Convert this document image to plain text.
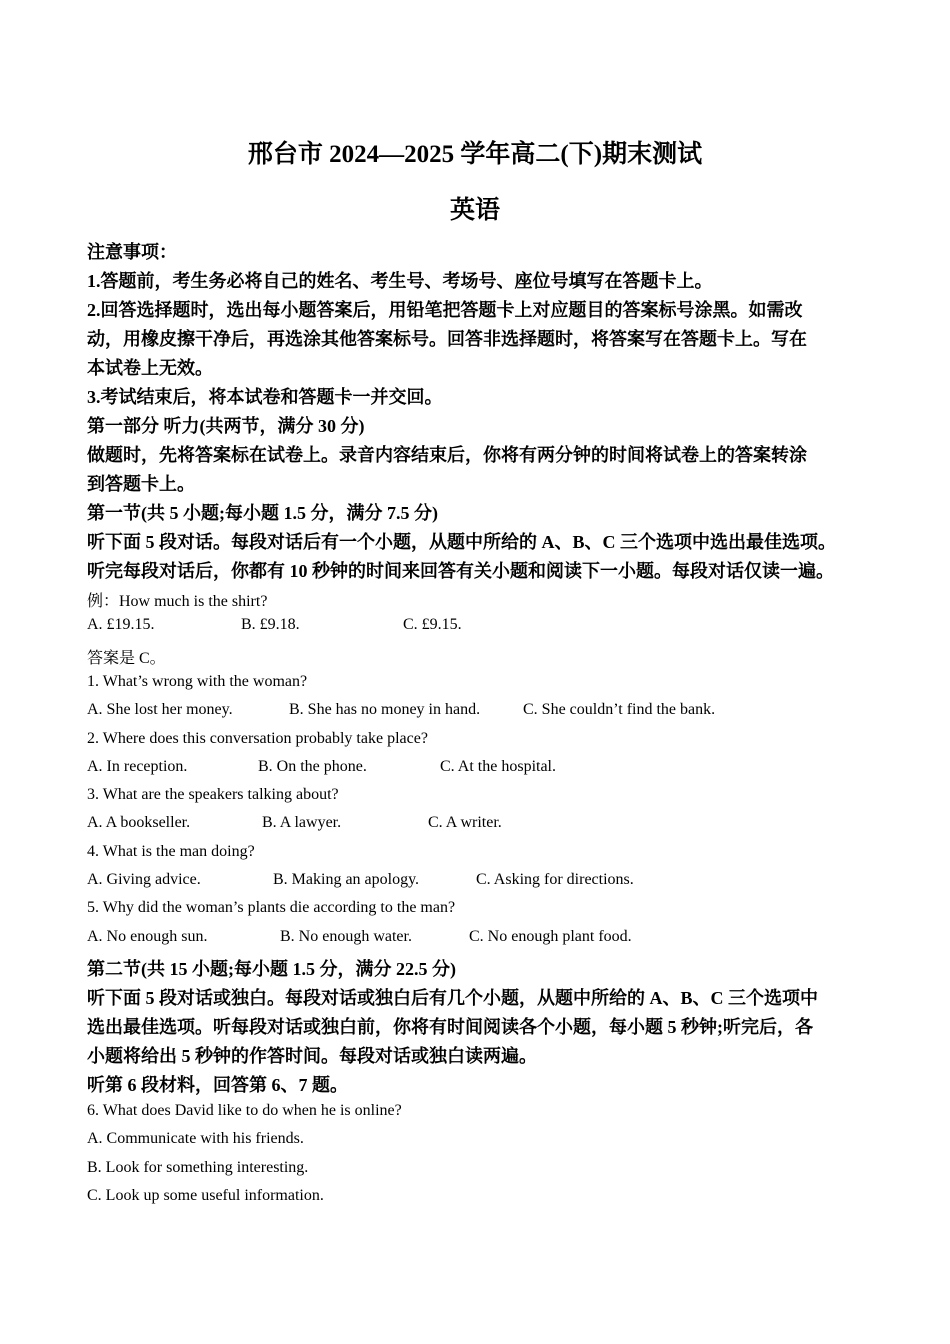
邢台市 2024—2025 学年高二(下)期末测试
英语
注意事项：
1.答题前，考生务必将自己的姓名、考生号、考场号、座位号填写在答题卡上。
2.回答选择题时，选出每小题答案后，用铅笔把答题卡上对应题目的答案标号涂黑。如需改
动，用橡皮擦干净后，再选涂其他答案标号。回答非选择题时，将答案写在答题卡上。写在
本试卷上无效。
3.考试结束后，将本试卷和答题卡一并交回。
第一部分 听力(共两节，满分 30 分)
做题时，先将答案标在试卷上。录音内容结束后，你将有两分钟的时间将试卷上的答案转涂
到答题卡上。
第一节(共 5 小题;每小题 1.5 分，满分 7.5 分)
听下面 5 段对话。每段对话后有一个小题，从题中所给的 A、B、C 三个选项中选出最佳选项。
听完每段对话后，你都有 10 秒钟的时间来回答有关小题和阅读下一小题。每段对话仅读一遍。
例：How much is the shirt?
A. £19.15.	B. £9.18.	C. £9.15.
答案是 C。
1. What’s wrong with the woman?
A. She lost her money.	B. She has no money in hand.	C. She couldn’t find the bank.
2. Where does this conversation probably take place?
A. In reception.	B. On the phone.	C. At the hospital.
3. What are the speakers talking about?
A. A bookseller.	B. A lawyer.	C. A writer.
4. What is the man doing?
A. Giving advice.	B. Making an apology.	C. Asking for directions.
5. Why did the woman’s plants die according to the man?
A. No enough sun.	B. No enough water.	C. No enough plant food.
第二节(共 15 小题;每小题 1.5 分，满分 22.5 分)
听下面 5 段对话或独白。每段对话或独白后有几个小题，从题中所给的 A、B、C 三个选项中
选出最佳选项。听每段对话或独白前，你将有时间阅读各个小题，每小题 5 秒钟;听完后，各
小题将给出 5 秒钟的作答时间。每段对话或独白读两遍。
听第 6 段材料，回答第 6、7 题。
6. What does David like to do when he is online?
A. Communicate with his friends.
B. Look for something interesting.
C. Look up some useful information.
